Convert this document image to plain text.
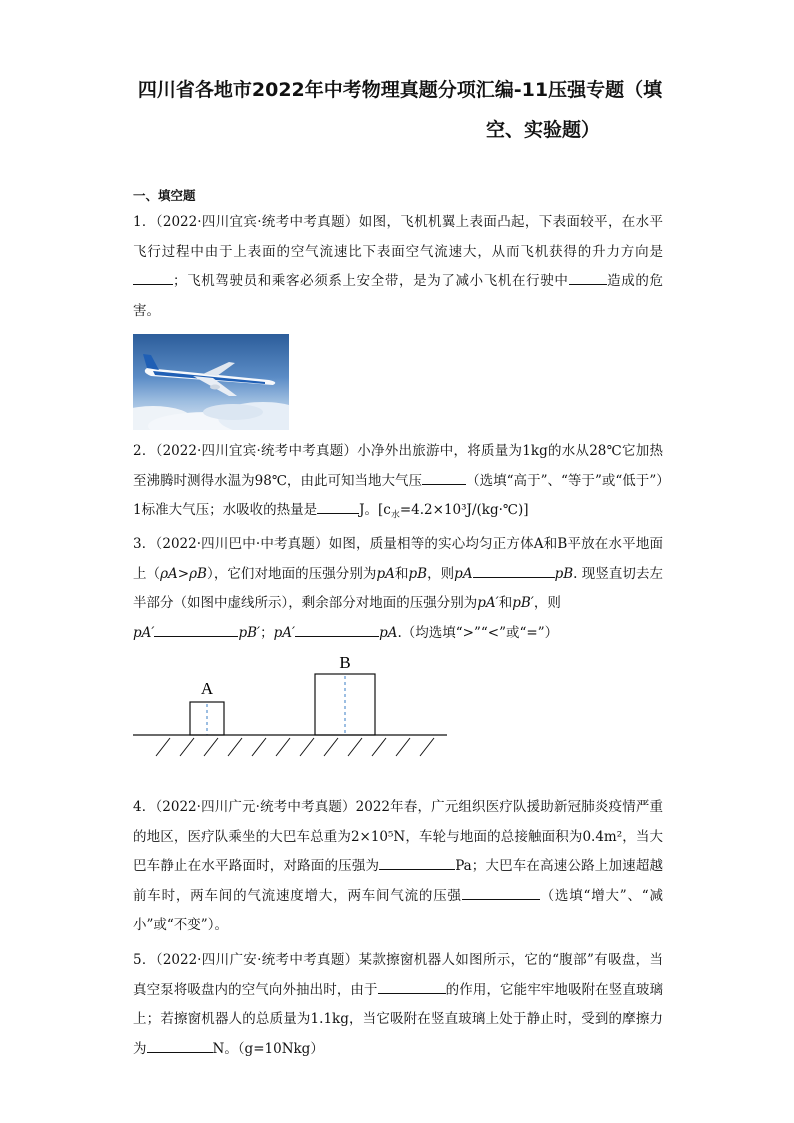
四川省各地市2022年中考物理真题分项汇编-11压强专题（填
空、实验题）
一、填空题
1．（2022·四川宜宾·统考中考真题）如图，飞机机翼上表面凸起，下表面较平，在水平飞行过程中由于上表面的空气流速比下表面空气流速大，从而飞机获得的升力方向是；飞机驾驶员和乘客必须系上安全带，是为了减小飞机在行驶中	造成的危害。
2．（2022·四川宜宾·统考中考真题）小净外出旅游中，将质量为1kg的水从28℃它加热至沸腾时测得水温为98℃，由此可知当地大气压	（选填“高于”、“等于”或“低于”）1标准大气压；水吸收的热量是	J。$[c_水=4.2\times 10^3J/(kg\cdot℃)]$
3．（2022·四川巴中·中考真题）如图，质量相等的实心均匀正方体A和B平放在水平地面上（ρA>ρB），它们对地面的压强分别为pA和pB，则pA	pB. 现竖直切去左半部分（如图中虚线所示），剩余部分对地面的压强分别为pA′和pB′，则
pA′	pB′；pA′	pA.（均选填“>”“<”或“=”）
A
B
4．（2022·四川广元·统考中考真题）2022年春，广元组织医疗队援助新冠肺炎疫情严重的地区，医疗队乘坐的大巴车总重为2×10⁵N，车轮与地面的总接触面积为0.4m²，当大巴车静止在水平路面时，对路面的压强为	Pa；大巴车在高速公路上加速超越前车时，两车间的气流速度增大，两车间气流的压强	（选填“增大”、“减小”或“不变”）。
5．（2022·四川广安·统考中考真题）某款擦窗机器人如图所示，它的“腹部”有吸盘，当真空泵将吸盘内的空气向外抽出时，由于	的作用，它能牢牢地吸附在竖直玻璃上；若擦窗机器人的总质量为1.1kg，当它吸附在竖直玻璃上处于静止时，受到的摩擦力为	N。（g=10Nkg）
